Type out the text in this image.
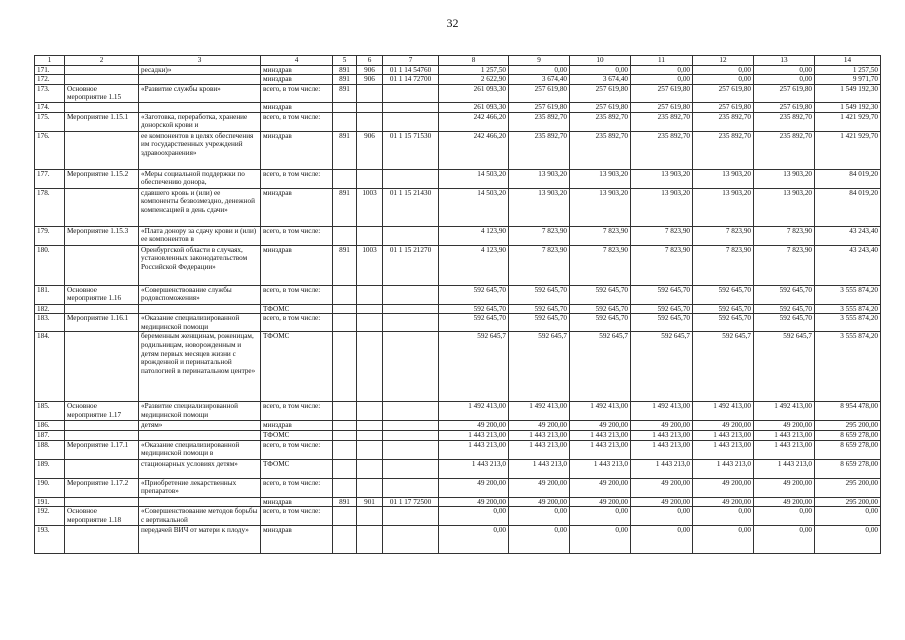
32
1	2	3	4	5	6	7	8	9	10	11	12	13	14
171.		ресадки)»	минздрав	891	906	01 1 14 54760	1 257,50	0,00	0,00	0,00	0,00	0,00	1 257,50
172.			минздрав	891	906	01 1 14 72700	2 622,90	3 674,40	3 674,40	0,00	0,00	0,00	9 971,70
173.	Основное мероприятие 1.15	«Развитие службы крови»	всего, в том числе:	891			261 093,30	257 619,80	257 619,80	257 619,80	257 619,80	257 619,80	1 549 192,30
174.			минздрав				261 093,30	257 619,80	257 619,80	257 619,80	257 619,80	257 619,80	1 549 192,30
175.	Мероприятие 1.15.1	«Заготовка, переработка, хранение донорской крови и	всего, в том числе:				242 466,20	235 892,70	235 892,70	235 892,70	235 892,70	235 892,70	1 421 929,70
176.		ее компонентов в целях обеспечения им государственных учреждений здравоохранения»	минздрав	891	906	01 1 15 71530	242 466,20	235 892,70	235 892,70	235 892,70	235 892,70	235 892,70	1 421 929,70
177.	Мероприятие 1.15.2	«Меры социальной поддержки по обеспечению донора,	всего, в том числе:				14 503,20	13 903,20	13 903,20	13 903,20	13 903,20	13 903,20	84 019,20
178.		сдавшего кровь и (или) ее компоненты безвозмездно, денежной компенсацией в день сдачи»	минздрав	891	1003	01 1 15 21430	14 503,20	13 903,20	13 903,20	13 903,20	13 903,20	13 903,20	84 019,20
179.	Мероприятие 1.15.3	«Плата донору за сдачу крови и (или) ее компонентов в	всего, в том числе:				4 123,90	7 823,90	7 823,90	7 823,90	7 823,90	7 823,90	43 243,40
180.		Оренбургской области в случаях, установленных законодательством Российской Федерации»	минздрав	891	1003	01 1 15 21270	4 123,90	7 823,90	7 823,90	7 823,90	7 823,90	7 823,90	43 243,40
181.	Основное мероприятие 1.16	«Совершенствование службы родовспоможения»	всего, в том числе:				592 645,70	592 645,70	592 645,70	592 645,70	592 645,70	592 645,70	3 555 874,20
182.			ТФОМС				592 645,70	592 645,70	592 645,70	592 645,70	592 645,70	592 645,70	3 555 874,20
183.	Мероприятие 1.16.1	«Оказание специализированной медицинской помощи	всего, в том числе:				592 645,70	592 645,70	592 645,70	592 645,70	592 645,70	592 645,70	3 555 874,20
184.		беременным женщинам, роженицам, родильницам, новорожденным и детям первых месяцев жизни с врожденной и перинатальной патологией в перинатальном центре»	ТФОМС				592 645,7	592 645,7	592 645,7	592 645,7	592 645,7	592 645,7	3 555 874,20
185.	Основное мероприятие 1.17	«Развитие специализированной медицинской помощи	всего, в том числе:				1 492 413,00	1 492 413,00	1 492 413,00	1 492 413,00	1 492 413,00	1 492 413,00	8 954 478,00
186.		детям»	минздрав				49 200,00	49 200,00	49 200,00	49 200,00	49 200,00	49 200,00	295 200,00
187.			ТФОМС				1 443 213,00	1 443 213,00	1 443 213,00	1 443 213,00	1 443 213,00	1 443 213,00	8 659 278,00
188.	Мероприятие 1.17.1	«Оказание специализированной медицинской помощи в	всего, в том числе:				1 443 213,00	1 443 213,00	1 443 213,00	1 443 213,00	1 443 213,00	1 443 213,00	8 659 278,00
189.		стационарных условиях детям»	ТФОМС				1 443 213,0	1 443 213,0	1 443 213,0	1 443 213,0	1 443 213,0	1 443 213,0	8 659 278,00
190.	Мероприятие 1.17.2	«Приобретение лекарственных препаратов»	всего, в том числе:				49 200,00	49 200,00	49 200,00	49 200,00	49 200,00	49 200,00	295 200,00
191.			минздрав	891	901	01 1 17 72500	49 200,00	49 200,00	49 200,00	49 200,00	49 200,00	49 200,00	295 200,00
192.	Основное мероприятие 1.18	«Совершенствование методов борьбы с вертикальной	всего, в том числе:				0,00	0,00	0,00	0,00	0,00	0,00	0,00
193.		передачей ВИЧ от матери к плоду»	минздрав				0,00	0,00	0,00	0,00	0,00	0,00	0,00
